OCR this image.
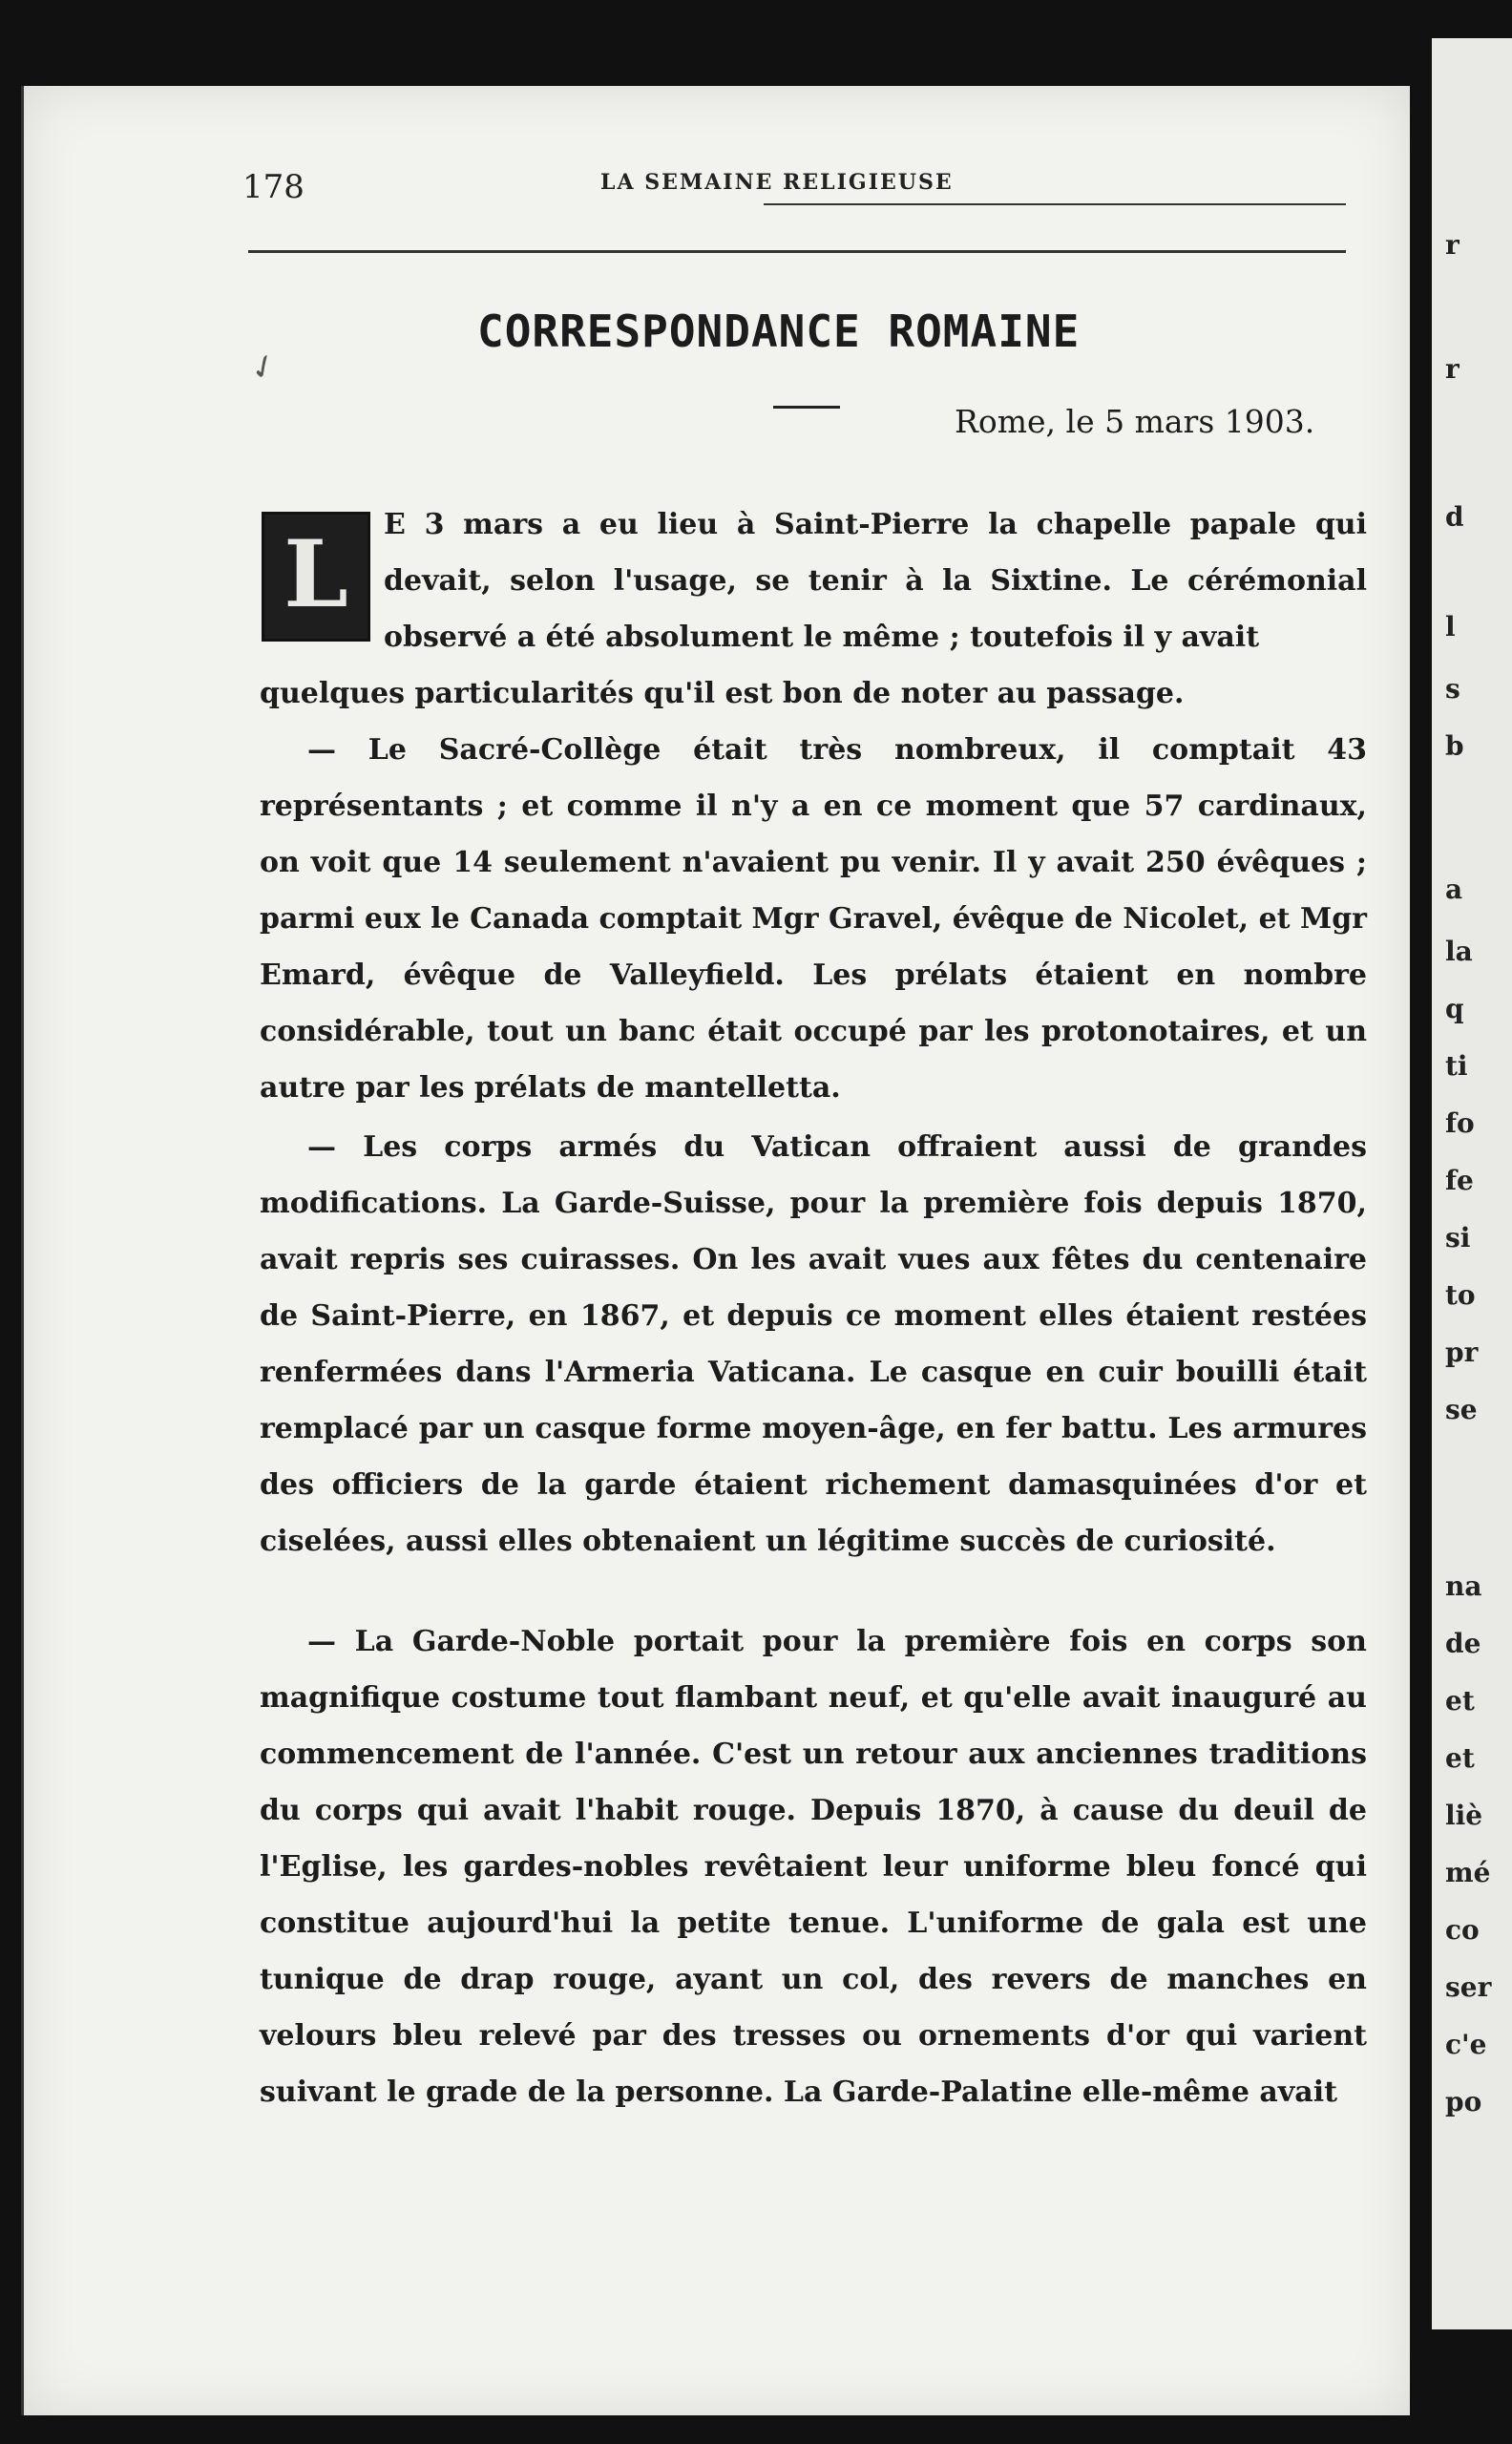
r
r
d
l
s
b
a
la
q
ti
fo
fe
si
to
pr
se
na
de
et
et
liè
mé
co
ser
c'e
po
178	LA SEMAINE RELIGIEUSE
✓
CORRESPONDANCE ROMAINE
Rome, le 5 mars 1903.
L	E 3 mars a eu lieu à Saint-Pierre la chapelle papale qui devait, selon l'usage, se tenir à la Sixtine. Le cérémonial observé a été absolument le même ; toutefois il y avait
quelques particularités qu'il est bon de noter au passage.
— Le Sacré-Collège était très nombreux, il comptait 43 représentants ; et comme il n'y a en ce moment que 57 cardinaux, on voit que 14 seulement n'avaient pu venir. Il y avait 250 évêques ; parmi eux le Canada comptait Mgr Gravel, évêque de Nicolet, et Mgr Emard, évêque de Valleyfield. Les prélats étaient en nombre considérable, tout un banc était occupé par les protonotaires, et un autre par les prélats de mantelletta.
— Les corps armés du Vatican offraient aussi de grandes modifications. La Garde-Suisse, pour la première fois depuis 1870, avait repris ses cuirasses. On les avait vues aux fêtes du centenaire de Saint-Pierre, en 1867, et depuis ce moment elles étaient restées renfermées dans l'Armeria Vaticana. Le casque en cuir bouilli était remplacé par un casque forme moyen-âge, en fer battu. Les armures des officiers de la garde étaient richement damasquinées d'or et ciselées, aussi elles obtenaient un légitime succès de curiosité.
— La Garde-Noble portait pour la première fois en corps son magnifique costume tout flambant neuf, et qu'elle avait inauguré au commencement de l'année. C'est un retour aux anciennes traditions du corps qui avait l'habit rouge. Depuis 1870, à cause du deuil de l'Eglise, les gardes-nobles revêtaient leur uniforme bleu foncé qui constitue aujourd'hui la petite tenue. L'uniforme de gala est une tunique de drap rouge, ayant un col, des revers de manches en velours bleu relevé par des tresses ou ornements d'or qui varient suivant le grade de la personne. La Garde-Palatine elle-même avait
